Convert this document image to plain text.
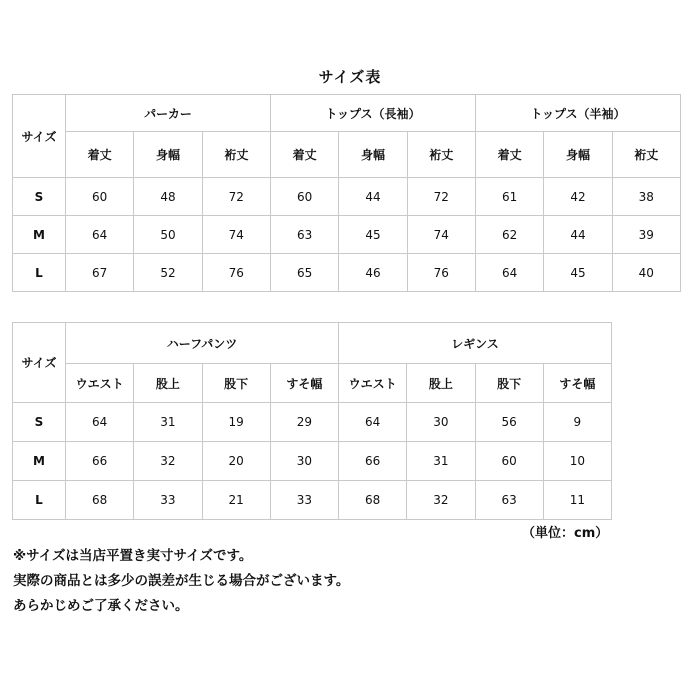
サイズ表
サイズ	パーカー			トップス（長袖）			トップス（半袖）		
	着丈	身幅	裄丈	着丈	身幅	裄丈	着丈	身幅	裄丈
S	60	48	72	60	44	72	61	42	38
M	64	50	74	63	45	74	62	44	39
L	67	52	76	65	46	76	64	45	40
サイズ	ハーフパンツ				レギンス			
	ウエスト	股上	股下	すそ幅	ウエスト	股上	股下	すそ幅
S	64	31	19	29	64	30	56	9
M	66	32	20	30	66	31	60	10
L	68	33	21	33	68	32	63	11
（単位：cm）
※サイズは当店平置き実寸サイズです。
実際の商品とは多少の誤差が生じる場合がございます。
あらかじめご了承ください。
